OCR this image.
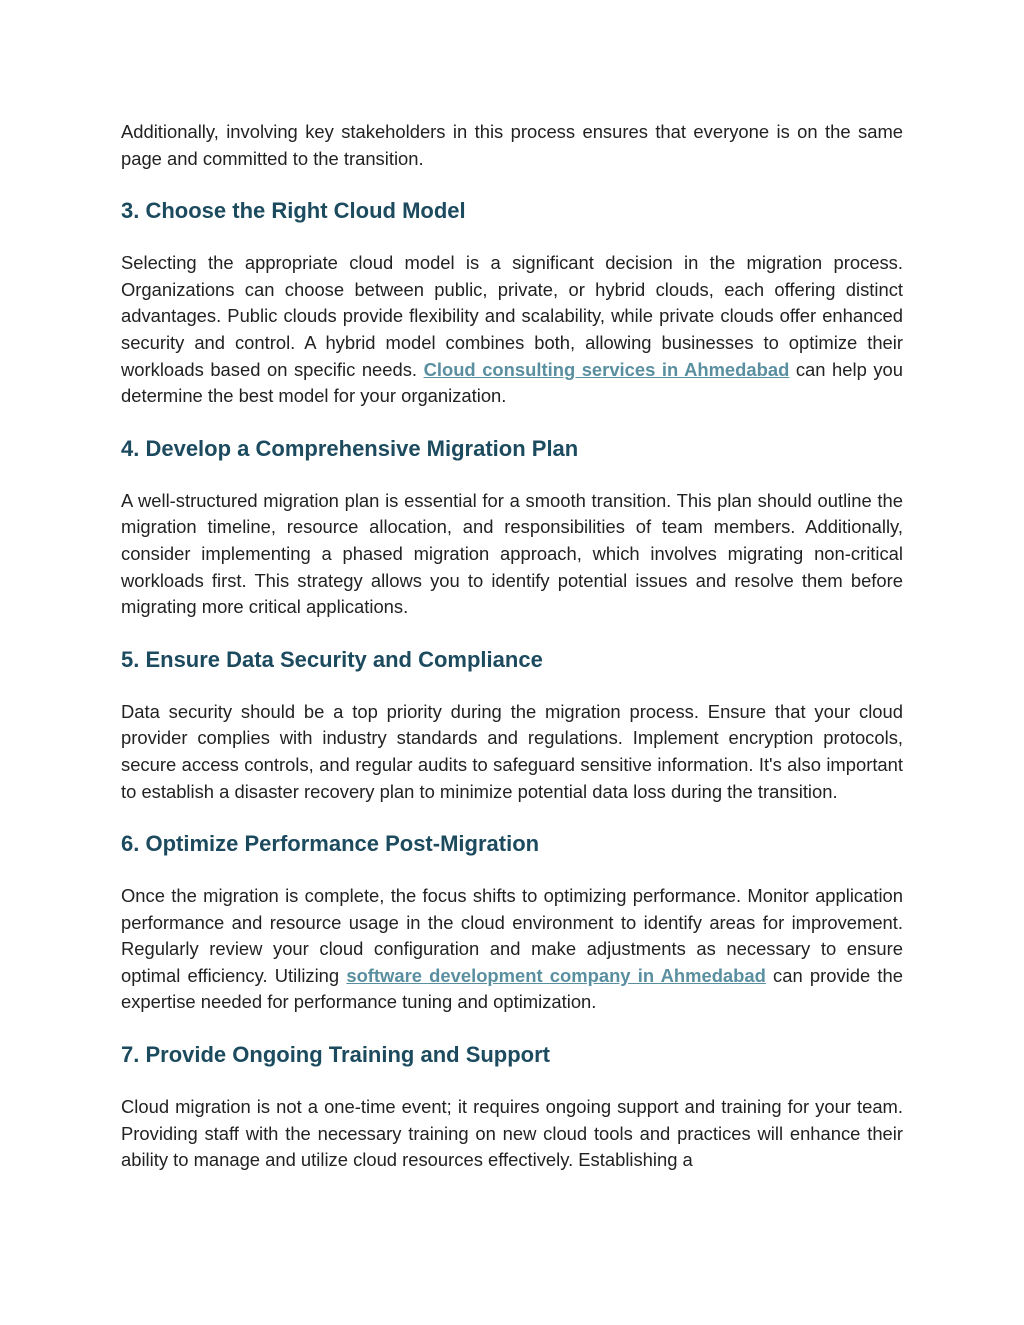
Additionally, involving key stakeholders in this process ensures that everyone is on the same page and committed to the transition.

3. Choose the Right Cloud Model

Selecting the appropriate cloud model is a significant decision in the migration process. Organizations can choose between public, private, or hybrid clouds, each offering distinct advantages. Public clouds provide flexibility and scalability, while private clouds offer enhanced security and control. A hybrid model combines both, allowing businesses to optimize their workloads based on specific needs. Cloud consulting services in Ahmedabad can help you determine the best model for your organization.

4. Develop a Comprehensive Migration Plan

A well-structured migration plan is essential for a smooth transition. This plan should outline the migration timeline, resource allocation, and responsibilities of team members. Additionally, consider implementing a phased migration approach, which involves migrating non-critical workloads first. This strategy allows you to identify potential issues and resolve them before migrating more critical applications.

5. Ensure Data Security and Compliance

Data security should be a top priority during the migration process. Ensure that your cloud provider complies with industry standards and regulations. Implement encryption protocols, secure access controls, and regular audits to safeguard sensitive information. It's also important to establish a disaster recovery plan to minimize potential data loss during the transition.

6. Optimize Performance Post-Migration

Once the migration is complete, the focus shifts to optimizing performance. Monitor application performance and resource usage in the cloud environment to identify areas for improvement. Regularly review your cloud configuration and make adjustments as necessary to ensure optimal efficiency. Utilizing software development company in Ahmedabad can provide the expertise needed for performance tuning and optimization.

7. Provide Ongoing Training and Support

Cloud migration is not a one-time event; it requires ongoing support and training for your team. Providing staff with the necessary training on new cloud tools and practices will enhance their ability to manage and utilize cloud resources effectively. Establishing a
